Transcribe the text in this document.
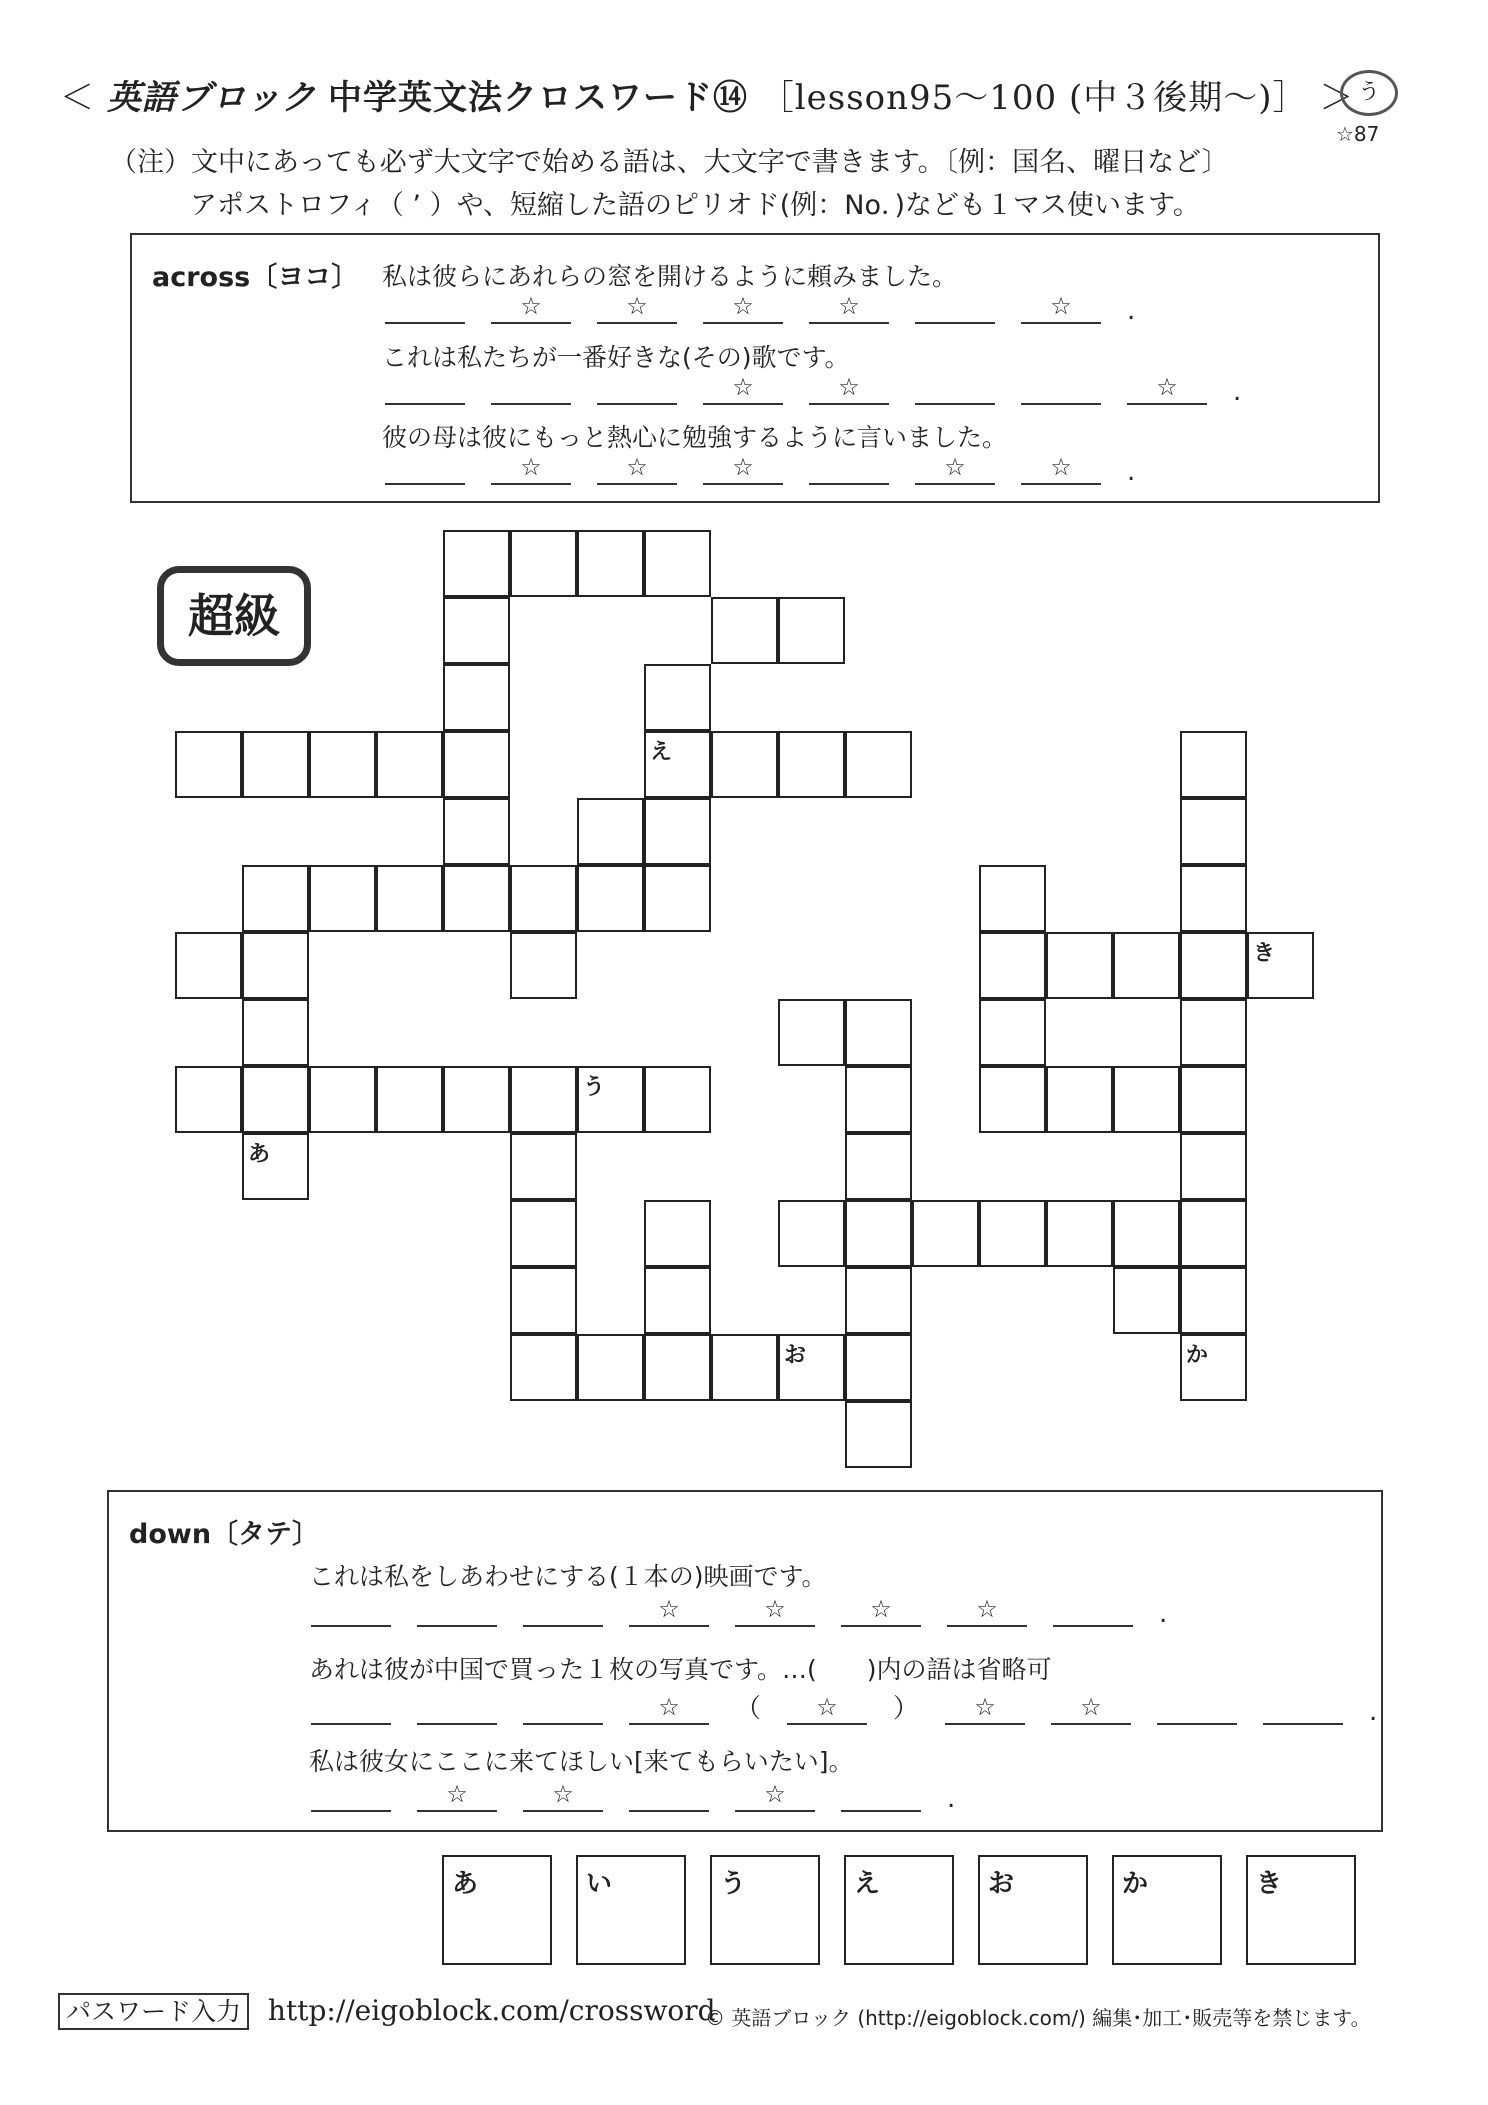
＜ 英語ブロック 中学英文法クロスワード⑭ ［lesson95～100 (中３後期～)］ ＞ う
☆87
（注）文中にあっても必ず大文字で始める語は、大文字で書きます。〔例：国名、曜日など〕
アポストロフィ（ ’ ）や、短縮した語のピリオド(例：No．)なども１マス使います。
across〔ヨコ〕 私は彼らにあれらの窓を開けるように頼みました。
☆	☆	☆	☆	☆	.
これは私たちが一番好きな(その)歌です。
☆	☆	☆	.
彼の母は彼にもっと熱心に勉強するように言いました。
☆	☆	☆	☆	☆	.
超級
え
き
う
あ
お	か
down〔タテ〕
これは私をしあわせにする(１本の)映画です。
☆	☆	☆	☆	.
あれは彼が中国で買った１枚の写真です。…(　　)内の語は省略可
☆	（	☆	）	☆	☆	.
私は彼女にここに来てほしい[来てもらいたい]。
☆	☆	☆	.
あ	い	う	え	お	か	き
パスワード入力 http://eigoblock.com/crossword
© 英語ブロック (http://eigoblock.com/) 編集･加工･販売等を禁じます。
